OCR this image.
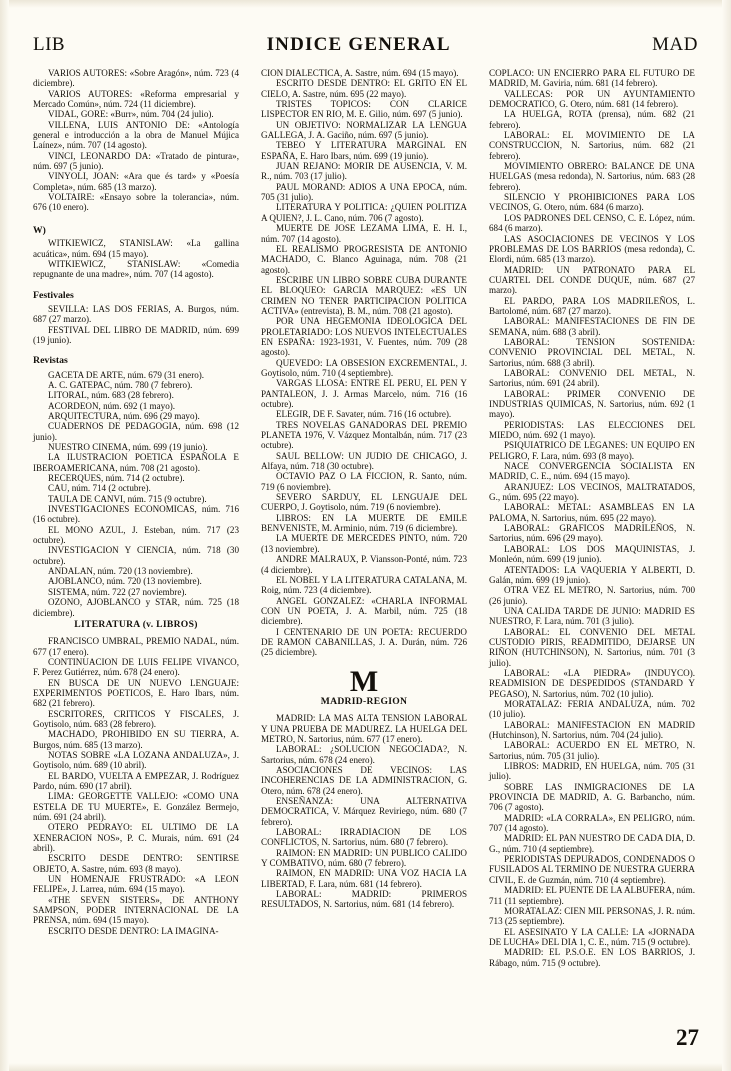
LIB	INDICE GENERAL	MAD

VARIOS AUTORES: «Sobre Aragón», núm. 723 (4 diciembre).

VARIOS AUTORES: «Reforma empresarial y Mercado Común», núm. 724 (11 diciembre).

VIDAL, GORE: «Burr», núm. 704 (24 julio).

VILLENA, LUIS ANTONIO DE: «Antología general e introducción a la obra de Manuel Mújica Laínez», núm. 707 (14 agosto).

VINCI, LEONARDO DA: «Tratado de pintura», núm. 697 (5 junio).

VINYOLI, JOAN: «Ara que és tard» y «Poesía Completa», núm. 685 (13 marzo).

VOLTAIRE: «Ensayo sobre la tolerancia», núm. 676 (10 enero).

W)

WITKIEWICZ, STANISLAW: «La gallina acuática», núm. 694 (15 mayo).

WITKIEWICZ, STANISLAW: «Comedia repugnante de una madre», núm. 707 (14 agosto).

Festivales

SEVILLA: LAS DOS FERIAS, A. Burgos, núm. 687 (27 marzo).

FESTIVAL DEL LIBRO DE MADRID, núm. 699 (19 junio).

Revistas

GACETA DE ARTE, núm. 679 (31 enero).

A. C. GATEPAC, núm. 780 (7 febrero).

LITORAL, núm. 683 (28 febrero).

ACORDEON, núm. 692 (1 mayo).

ARQUITECTURA, núm. 696 (29 mayo).

CUADERNOS DE PEDAGOGIA, núm. 698 (12 junio).

NUESTRO CINEMA, núm. 699 (19 junio).

LA ILUSTRACION POETICA ESPAÑOLA E IBEROAMERICANA, núm. 708 (21 agosto).

RECERQUES, núm. 714 (2 octubre).

CAU, núm. 714 (2 octubre).

TAULA DE CANVI, núm. 715 (9 octubre).

INVESTIGACIONES ECONOMICAS, núm. 716 (16 octubre).

EL MONO AZUL, J. Esteban, núm. 717 (23 octubre).

INVESTIGACION Y CIENCIA, núm. 718 (30 octubre).

ANDALAN, núm. 720 (13 noviembre).

AJOBLANCO, núm. 720 (13 noviembre).

SISTEMA, núm. 722 (27 noviembre).

OZONO, AJOBLANCO y STAR, núm. 725 (18 diciembre).

LITERATURA (v. LIBROS)

FRANCISCO UMBRAL, PREMIO NADAL, núm. 677 (17 enero).

CONTINUACION DE LUIS FELIPE VIVANCO, F. Perez Gutiérrez, núm. 678 (24 enero).

EN BUSCA DE UN NUEVO LENGUAJE: EXPERIMENTOS POETICOS, E. Haro Ibars, núm. 682 (21 febrero).

ESCRITORES, CRITICOS Y FISCALES, J. Goytisolo, núm. 683 (28 febrero).

MACHADO, PROHIBIDO EN SU TIERRA, A. Burgos, núm. 685 (13 marzo).

NOTAS SOBRE «LA LOZANA ANDALUZA», J. Goytisolo, núm. 689 (10 abril).

EL BARDO, VUELTA A EMPEZAR, J. Rodríguez Pardo, núm. 690 (17 abril).

LIMA: GEORGETTE VALLEJO: «COMO UNA ESTELA DE TU MUERTE», E. González Bermejo, núm. 691 (24 abril).

OTERO PEDRAYO: EL ULTIMO DE LA XENERACION NOS», P. C. Murais, núm. 691 (24 abril).

ESCRITO DESDE DENTRO: SENTIRSE OBJETO, A. Sastre, núm. 693 (8 mayo).

UN HOMENAJE FRUSTRADO: «A LEON FELIPE», J. Larrea, núm. 694 (15 mayo).

«THE SEVEN SISTERS», DE ANTHONY SAMPSON, PODER INTERNACIONAL DE LA PRENSA, núm. 694 (15 mayo).

ESCRITO DESDE DENTRO: LA IMAGINA-

CION DIALECTICA, A. Sastre, núm. 694 (15 mayo).

ESCRITO DESDE DENTRO: EL GRITO EN EL CIELO, A. Sastre, núm. 695 (22 mayo).

TRISTES TOPICOS: CON CLARICE LISPECTOR EN RIO, M. E. Gilio, núm. 697 (5 junio).

UN OBJETIVO: NORMALIZAR LA LENGUA GALLEGA, J. A. Gaciño, núm. 697 (5 junio).

TEBEO Y LITERATURA MARGINAL EN ESPAÑA, E. Haro Ibars, núm. 699 (19 junio).

JUAN REJANO: MORIR DE AUSENCIA, V. M. R., núm. 703 (17 julio).

PAUL MORAND: ADIOS A UNA EPOCA, núm. 705 (31 julio).

LITERATURA Y POLITICA: ¿QUIEN POLITIZA A QUIEN?, J. L. Cano, núm. 706 (7 agosto).

MUERTE DE JOSE LEZAMA LIMA, E. H. I., núm. 707 (14 agosto).

EL REALISMO PROGRESISTA DE ANTONIO MACHADO, C. Blanco Aguinaga, núm. 708 (21 agosto).

ESCRIBE UN LIBRO SOBRE CUBA DURANTE EL BLOQUEO: GARCIA MARQUEZ: «ES UN CRIMEN NO TENER PARTICIPACION POLITICA ACTIVA» (entrevista), B. M., núm. 708 (21 agosto).

POR UNA HEGEMONIA IDEOLOGICA DEL PROLETARIADO: LOS NUEVOS INTELECTUALES EN ESPAÑA: 1923-1931, V. Fuentes, núm. 709 (28 agosto).

QUEVEDO: LA OBSESION EXCREMENTAL, J. Goytisolo, núm. 710 (4 septiembre).

VARGAS LLOSA: ENTRE EL PERU, EL PEN Y PANTALEON, J. J. Armas Marcelo, núm. 716 (16 octubre).

ELEGIR, DE F. Savater, núm. 716 (16 octubre).

TRES NOVELAS GANADORAS DEL PREMIO PLANETA 1976, V. Vázquez Montalbán, núm. 717 (23 octubre).

SAUL BELLOW: UN JUDIO DE CHICAGO, J. Alfaya, núm. 718 (30 octubre).

OCTAVIO PAZ O LA FICCION, R. Santo, núm. 719 (6 noviembre).

SEVERO SARDUY, EL LENGUAJE DEL CUERPO, J. Goytisolo, núm. 719 (6 noviembre).

LIBROS: EN LA MUERTE DE EMILE BENVENISTE, M. Arminio, núm. 719 (6 diciembre).

LA MUERTE DE MERCEDES PINTO, núm. 720 (13 noviembre).

ANDRE MALRAUX, P. Viansson-Ponté, núm. 723 (4 diciembre).

EL NOBEL Y LA LITERATURA CATALANA, M. Roig, núm. 723 (4 diciembre).

ANGEL GONZALEZ: «CHARLA INFORMAL CON UN POETA, J. A. Marbil, núm. 725 (18 diciembre).

I CENTENARIO DE UN POETA: RECUERDO DE RAMON CABANILLAS, J. A. Durán, núm. 726 (25 diciembre).

M
MADRID-REGION

MADRID: LA MAS ALTA TENSION LABORAL Y UNA PRUEBA DE MADUREZ. LA HUELGA DEL METRO, N. Sartorius, núm. 677 (17 enero).

LABORAL: ¿SOLUCION NEGOCIADA?, N. Sartorius, núm. 678 (24 enero).

ASOCIACIONES DE VECINOS: LAS INCOHERENCIAS DE LA ADMINISTRACION, G. Otero, núm. 678 (24 enero).

ENSEÑANZA: UNA ALTERNATIVA DEMOCRATICA, V. Márquez Reviriego, núm. 680 (7 febrero).

LABORAL: IRRADIACION DE LOS CONFLICTOS, N. Sartorius, núm. 680 (7 febrero).

RAIMON: EN MADRID: UN PUBLICO CALIDO Y COMBATIVO, núm. 680 (7 febrero).

RAIMON, EN MADRID: UNA VOZ HACIA LA LIBERTAD, F. Lara, núm. 681 (14 febrero).

LABORAL: MADRID: PRIMEROS RESULTADOS, N. Sartorius, núm. 681 (14 febrero).

COPLACO: UN ENCIERRO PARA EL FUTURO DE MADRID, M. Gaviria, núm. 681 (14 febrero).

VALLECAS: POR UN AYUNTAMIENTO DEMOCRATICO, G. Otero, núm. 681 (14 febrero).

LA HUELGA, ROTA (prensa), núm. 682 (21 febrero).

LABORAL: EL MOVIMIENTO DE LA CONSTRUCCION, N. Sartorius, núm. 682 (21 febrero).

MOVIMIENTO OBRERO: BALANCE DE UNA HUELGAS (mesa redonda), N. Sartorius, núm. 683 (28 febrero).

SILENCIO Y PROHIBICIONES PARA LOS VECINOS, G. Otero, núm. 684 (6 marzo).

LOS PADRONES DEL CENSO, C. E. López, núm. 684 (6 marzo).

LAS ASOCIACIONES DE VECINOS Y LOS PROBLEMAS DE LOS BARRIOS (mesa redonda), C. Elordi, núm. 685 (13 marzo).

MADRID: UN PATRONATO PARA EL CUARTEL DEL CONDE DUQUE, núm. 687 (27 marzo).

EL PARDO, PARA LOS MADRILEÑOS, L. Bartolomé, núm. 687 (27 marzo).

LABORAL: MANIFESTACIONES DE FIN DE SEMANA, núm. 688 (3 abril).

LABORAL: TENSION SOSTENIDA: CONVENIO PROVINCIAL DEL METAL, N. Sartorius, núm. 688 (3 abril).

LABORAL: CONVENIO DEL METAL, N. Sartorius, núm. 691 (24 abril).

LABORAL: PRIMER CONVENIO DE INDUSTRIAS QUIMICAS, N. Sartorius, núm. 692 (1 mayo).

PERIODISTAS: LAS ELECCIONES DEL MIEDO, núm. 692 (1 mayo).

PSIQUIATRICO DE LEGANES: UN EQUIPO EN PELIGRO, F. Lara, núm. 693 (8 mayo).

NACE CONVERGENCIA SOCIALISTA EN MADRID, C. E., núm. 694 (15 mayo).

ARANJUEZ: LOS VECINOS, MALTRATADOS, G., núm. 695 (22 mayo).

LABORAL: METAL: ASAMBLEAS EN LA PALOMA, N. Sartorius, núm. 695 (22 mayo).

LABORAL: GRAFICOS MADRILEÑOS, N. Sartorius, núm. 696 (29 mayo).

LABORAL: LOS DOS MAQUINISTAS, J. Monleón, núm. 699 (19 junio).

ATENTADOS: LA VAQUERIA Y ALBERTI, D. Galán, núm. 699 (19 junio).

OTRA VEZ EL METRO, N. Sartorius, núm. 700 (26 junio).

UNA CALIDA TARDE DE JUNIO: MADRID ES NUESTRO, F. Lara, núm. 701 (3 julio).

LABORAL: EL CONVENIO DEL METAL CUSTODIO PIRIS, READMITIDO, DEJARSE UN RIÑON (HUTCHINSON), N. Sartorius, núm. 701 (3 julio).

LABORAL: «LA PIEDRA» (INDUYCO). READMISION DE DESPEDIDOS (STANDARD Y PEGASO), N. Sartorius, núm. 702 (10 julio).

MORATALAZ: FERIA ANDALUZA, núm. 702 (10 julio).

LABORAL: MANIFESTACION EN MADRID (Hutchinson), N. Sartorius, núm. 704 (24 julio).

LABORAL: ACUERDO EN EL METRO, N. Sartorius, núm. 705 (31 julio).

LIBROS: MADRID, EN HUELGA, núm. 705 (31 julio).

SOBRE LAS INMIGRACIONES DE LA PROVINCIA DE MADRID, A. G. Barbancho, núm. 706 (7 agosto).

MADRID: «LA CORRALA», EN PELIGRO, núm. 707 (14 agosto).

MADRID: EL PAN NUESTRO DE CADA DIA, D. G., núm. 710 (4 septiembre).

PERIODISTAS DEPURADOS, CONDENADOS O FUSILADOS AL TERMINO DE NUESTRA GUERRA CIVIL, E. de Guzmán, núm. 710 (4 septiembre).

MADRID: EL PUENTE DE LA ALBUFERA, núm. 711 (11 septiembre).

MORATALAZ: CIEN MIL PERSONAS, J. R. núm. 713 (25 septiembre).

EL ASESINATO Y LA CALLE: LA «JORNADA DE LUCHA» DEL DIA 1, C. E., núm. 715 (9 octubre).

MADRID: EL P.S.O.E. EN LOS BARRIOS, J. Rábago, núm. 715 (9 octubre).

27
